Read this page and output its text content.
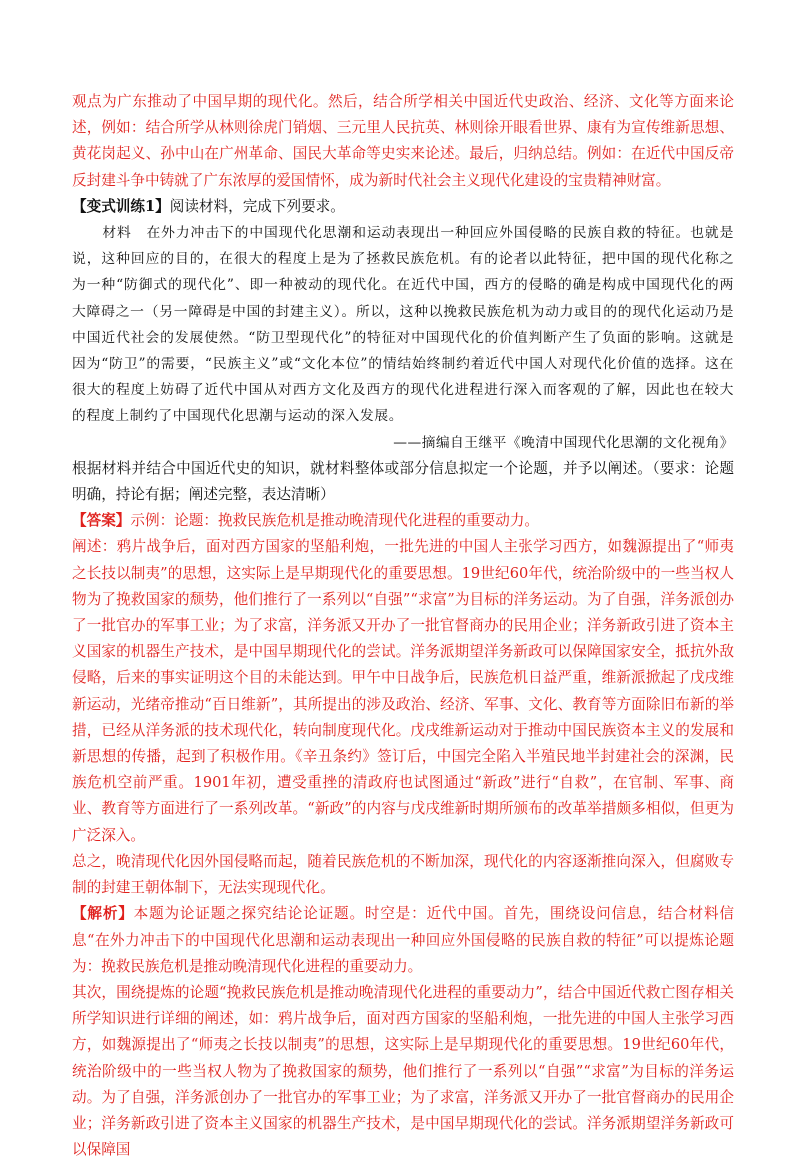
观点为广东推动了中国早期的现代化。然后，结合所学相关中国近代史政治、经济、文化等方面来论述，例如：结合所学从林则徐虎门销烟、三元里人民抗英、林则徐开眼看世界、康有为宣传维新思想、黄花岗起义、孙中山在广州革命、国民大革命等史实来论述。最后，归纳总结。例如：在近代中国反帝反封建斗争中铸就了广东浓厚的爱国情怀，成为新时代社会主义现代化建设的宝贵精神财富。

【变式训练1】阅读材料，完成下列要求。

材料　在外力冲击下的中国现代化思潮和运动表现出一种回应外国侵略的民族自救的特征。也就是说，这种回应的目的，在很大的程度上是为了拯救民族危机。有的论者以此特征，把中国的现代化称之为一种“防御式的现代化”、即一种被动的现代化。在近代中国，西方的侵略的确是构成中国现代化的两大障碍之一（另一障碍是中国的封建主义）。所以，这种以挽救民族危机为动力或目的的现代化运动乃是中国近代社会的发展使然。“防卫型现代化”的特征对中国现代化的价值判断产生了负面的影响。这就是因为“防卫”的需要，“民族主义”或“文化本位”的情结始终制约着近代中国人对现代化价值的选择。这在很大的程度上妨碍了近代中国从对西方文化及西方的现代化进程进行深入而客观的了解，因此也在较大的程度上制约了中国现代化思潮与运动的深入发展。

——摘编自王继平《晚清中国现代化思潮的文化视角》

根据材料并结合中国近代史的知识，就材料整体或部分信息拟定一个论题，并予以阐述。（要求：论题明确，持论有据；阐述完整，表达清晰）

【答案】示例：论题：挽救民族危机是推动晚清现代化进程的重要动力。

阐述：鸦片战争后，面对西方国家的坚船利炮，一批先进的中国人主张学习西方，如魏源提出了“师夷之长技以制夷”的思想，这实际上是早期现代化的重要思想。19世纪60年代，统治阶级中的一些当权人物为了挽救国家的颓势，他们推行了一系列以“自强”“求富”为目标的洋务运动。为了自强，洋务派创办了一批官办的军事工业；为了求富，洋务派又开办了一批官督商办的民用企业；洋务新政引进了资本主义国家的机器生产技术，是中国早期现代化的尝试。洋务派期望洋务新政可以保障国家安全，抵抗外敌侵略，后来的事实证明这个目的未能达到。甲午中日战争后，民族危机日益严重，维新派掀起了戊戌维新运动，光绪帝推动“百日维新”，其所提出的涉及政治、经济、军事、文化、教育等方面除旧布新的举措，已经从洋务派的技术现代化，转向制度现代化。戊戌维新运动对于推动中国民族资本主义的发展和新思想的传播，起到了积极作用。《辛丑条约》签订后，中国完全陷入半殖民地半封建社会的深渊，民族危机空前严重。1901年初，遭受重挫的清政府也试图通过“新政”进行“自救”，在官制、军事、商业、教育等方面进行了一系列改革。“新政”的内容与戊戌维新时期所颁布的改革举措颇多相似，但更为广泛深入。

总之，晚清现代化因外国侵略而起，随着民族危机的不断加深，现代化的内容逐渐推向深入，但腐败专制的封建王朝体制下，无法实现现代化。

【解析】本题为论证题之探究结论论证题。时空是：近代中国。首先，围绕设问信息，结合材料信息“在外力冲击下的中国现代化思潮和运动表现出一种回应外国侵略的民族自救的特征”可以提炼论题为：挽救民族危机是推动晚清现代化进程的重要动力。

其次，围绕提炼的论题“挽救民族危机是推动晚清现代化进程的重要动力”，结合中国近代救亡图存相关所学知识进行详细的阐述，如：鸦片战争后，面对西方国家的坚船利炮，一批先进的中国人主张学习西方，如魏源提出了“师夷之长技以制夷”的思想，这实际上是早期现代化的重要思想。19世纪60年代，统治阶级中的一些当权人物为了挽救国家的颓势，他们推行了一系列以“自强”“求富”为目标的洋务运动。为了自强，洋务派创办了一批官办的军事工业；为了求富，洋务派又开办了一批官督商办的民用企业；洋务新政引进了资本主义国家的机器生产技术，是中国早期现代化的尝试。洋务派期望洋务新政可以保障国
